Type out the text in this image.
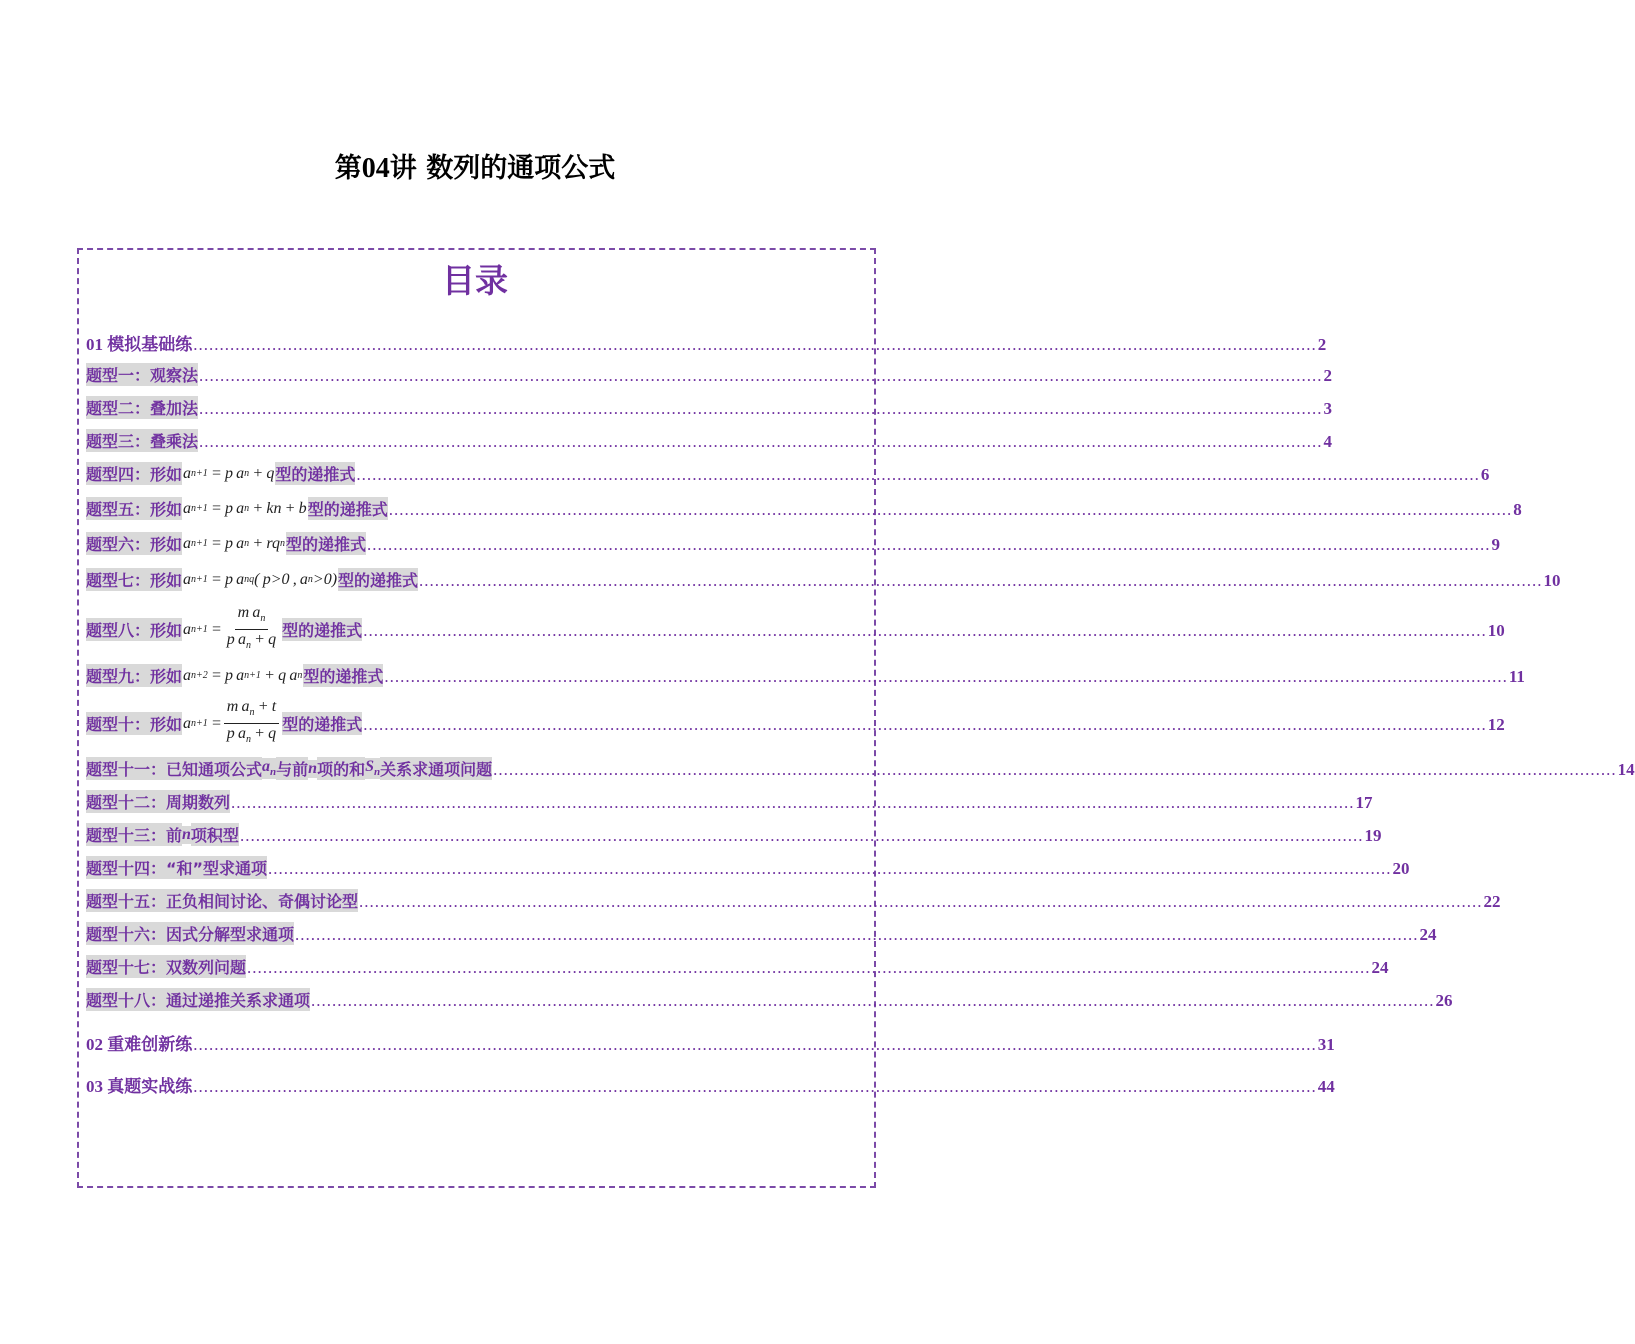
第04讲 数列的通项公式
目录
01 模拟基础练 ...................................................................................................................................................................................................................... 2
题型一：观察法 ...................................................................................................................................................................................................................... 2
题型二：叠加法 ...................................................................................................................................................................................................................... 3
题型三：叠乘法 ...................................................................................................................................................................................................................... 4
题型四：形如 a n+1  = p a n  + q 型的递推式 ...................................................................................................................................................................................................................... 6
题型五：形如 a n+1  = p a n  + kn + b 型的递推式 ...................................................................................................................................................................................................................... 8
题型六：形如 a n+1  = p a n  + rq n 型的递推式 ...................................................................................................................................................................................................................... 9
题型七：形如 a n+1  = p a n q ( p>0 , a n >0) 型的递推式 ...................................................................................................................................................................................................................... 10
题型八：形如 a $n+1 = \frac{m a_n}{p a_n + q}$ 型的递推式 ...................................................................................................................................................................................................................... 10
题型九：形如 a n+2  = p a n+1  + q a n 型的递推式 ...................................................................................................................................................................................................................... 11
题型十：形如 a $n+1 = \frac{m a_n + t}{p a_n + q}$ 型的递推式 ...................................................................................................................................................................................................................... 12
题型十一：已知通项公式 $a_n$ 与前 n 项的和 $S_n$ 关系求通项问题 ...................................................................................................................................................................................................................... 14
题型十二：周期数列 ...................................................................................................................................................................................................................... 17
题型十三：前 n 项积型 ...................................................................................................................................................................................................................... 19
题型十四：“和”型求通项 ...................................................................................................................................................................................................................... 20
题型十五：正负相间讨论、奇偶讨论型 ...................................................................................................................................................................................................................... 22
题型十六：因式分解型求通项 ...................................................................................................................................................................................................................... 24
题型十七：双数列问题 ...................................................................................................................................................................................................................... 24
题型十八：通过递推关系求通项 ...................................................................................................................................................................................................................... 26
02 重难创新练 ...................................................................................................................................................................................................................... 31
03 真题实战练 ...................................................................................................................................................................................................................... 44
